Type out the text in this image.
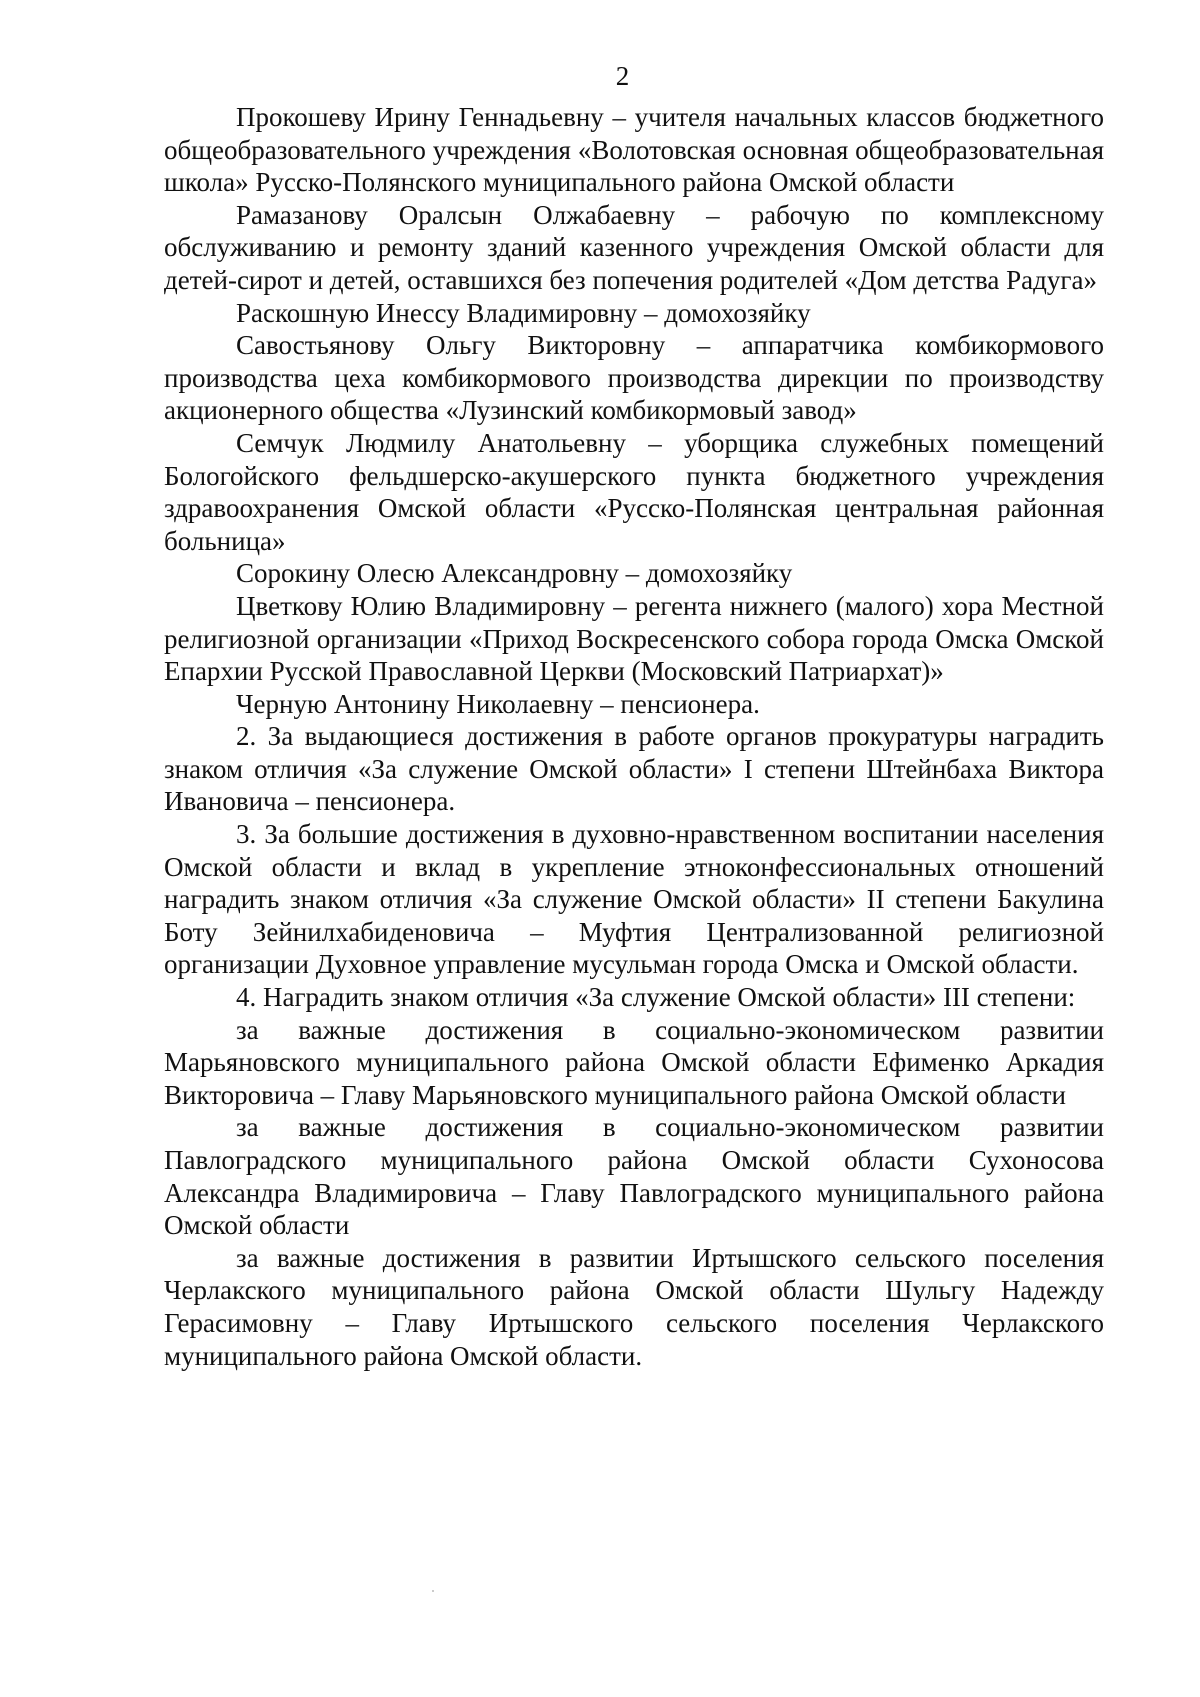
2

Прокошеву Ирину Геннадьевну – учителя начальных классов бюджетного общеобразовательного учреждения «Волотовская основная общеобразовательная школа» Русско-Полянского муниципального района Омской области

Рамазанову Оралсын Олжабаевну – рабочую по комплексному обслуживанию и ремонту зданий казенного учреждения Омской области для детей-сирот и детей, оставшихся без попечения родителей «Дом детства Радуга»

Раскошную Инессу Владимировну – домохозяйку

Савостьянову Ольгу Викторовну – аппаратчика комбикормового производства цеха комбикормового производства дирекции по производству акционерного общества «Лузинский комбикормовый завод»

Семчук Людмилу Анатольевну – уборщика служебных помещений Бологойского фельдшерско-акушерского пункта бюджетного учреждения здравоохранения Омской области «Русско-Полянская центральная районная больница»

Сорокину Олесю Александровну – домохозяйку

Цветкову Юлию Владимировну – регента нижнего (малого) хора Местной религиозной организации «Приход Воскресенского собора города Омска Омской Епархии Русской Православной Церкви (Московский Патриархат)»

Черную Антонину Николаевну – пенсионера.

2. За выдающиеся достижения в работе органов прокуратуры наградить знаком отличия «За служение Омской области» I степени Штейнбаха Виктора Ивановича – пенсионера.

3. За большие достижения в духовно-нравственном воспитании населения Омской области и вклад в укрепление этноконфессиональных отношений наградить знаком отличия «За служение Омской области» II степени Бакулина Боту Зейнилхабиденовича – Муфтия Централизованной религиозной организации Духовное управление мусульман города Омска и Омской области.

4. Наградить знаком отличия «За служение Омской области» III степени:

за важные достижения в социально-экономическом развитии Марьяновского муниципального района Омской области Ефименко Аркадия Викторовича – Главу Марьяновского муниципального района Омской области

за важные достижения в социально-экономическом развитии Павлоградского муниципального района Омской области Сухоносова Александра Владимировича – Главу Павлоградского муниципального района Омской области

за важные достижения в развитии Иртышского сельского поселения Черлакского муниципального района Омской области Шульгу Надежду Герасимовну – Главу Иртышского сельского поселения Черлакского муниципального района Омской области.
